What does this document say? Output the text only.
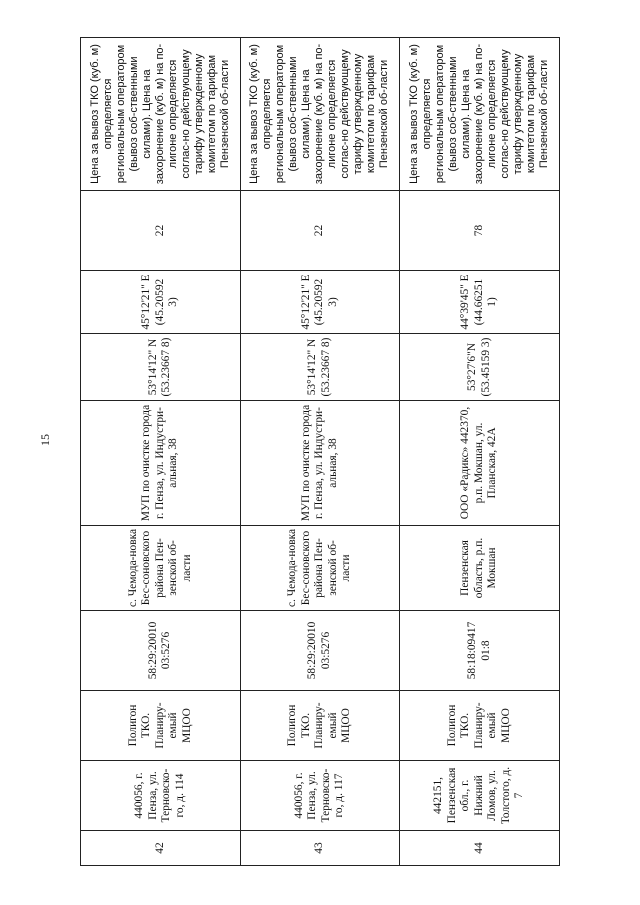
15
42	440056, г. Пенза, ул. Терновско-го, д. 114	Полигон ТКО. Планиру-емый МЦОО	58:29:20010 03:5276	с. Чемода-новка Бес-соновского района Пен-зенской об-ласти	МУП по очистке города г. Пенза, ул. Индустри-альная, 38	53°14'12" N (53.23667 8)	45°12'21" E (45.20592 3)	22	Цена за вывоз ТКО (куб. м) определяется региональным оператором (вывоз соб-ственными силами). Цена на захоронение (куб. м) на по-лигоне определяется соглас-но действующему тарифу утвержденному комитетом по тарифам Пензенской об-ласти
43	440056, г. Пенза, ул. Терновско-го, д. 117	Полигон ТКО. Планиру-емый МЦОО	58:29:20010 03:5276	с. Чемода-новка Бес-соновского района Пен-зенской об-ласти	МУП по очистке города г. Пенза, ул. Индустри-альная, 38	53°14'12" N (53.23667 8)	45°12'21" E (45.20592 3)	22	Цена за вывоз ТКО (куб. м) определяется региональным оператором (вывоз соб-ственными силами). Цена на захоронение (куб. м) на по-лигоне определяется соглас-но действующему тарифу утвержденному комитетом по тарифам Пензенской об-ласти
44	442151, Пензенская обл., г. Нижний Ломов, ул. Толстого, д. 7	Полигон ТКО. Планиру-емый МЦОО	58:18:09417 01:8	Пензенская область, р.п. Мокшан	ООО «Радикс» 442370, р.п. Мокшан, ул. Планская, 42А	53°27'6"N (53.45159 3)	44°39'45" E (44.66251 1)	78	Цена за вывоз ТКО (куб. м) определяется региональным оператором (вывоз соб-ственными силами). Цена на захоронение (куб. м) на по-лигоне определяется соглас-но действующему тарифу утвержденному комитетом по тарифам Пензенской об-ласти
